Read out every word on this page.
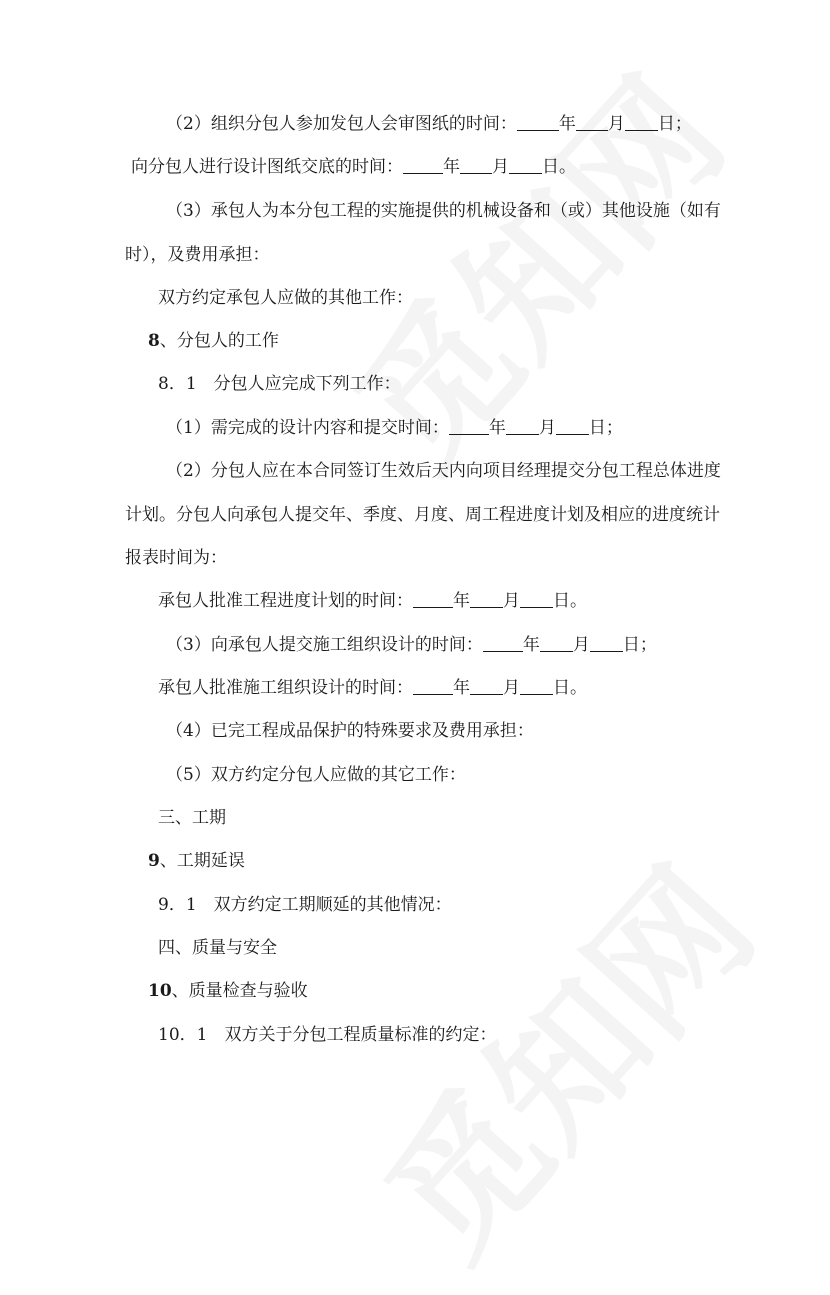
（2）组织分包人参加发包人会审图纸的时间： 年 月 日；
向分包人进行设计图纸交底的时间： 年 月 日。
（3）承包人为本分包工程的实施提供的机械设备和（或）其他设施（如有
时），及费用承担：
双方约定承包人应做的其他工作：
8、分包人的工作
8．1　分包人应完成下列工作：
（1）需完成的设计内容和提交时间： 年 月 日；
（2）分包人应在本合同签订生效后天内向项目经理提交分包工程总体进度
计划。分包人向承包人提交年、季度、月度、周工程进度计划及相应的进度统计
报表时间为：
承包人批准工程进度计划的时间： 年 月 日。
（3）向承包人提交施工组织设计的时间： 年 月 日；
承包人批准施工组织设计的时间： 年 月 日。
（4）已完工程成品保护的特殊要求及费用承担：
（5）双方约定分包人应做的其它工作：
三、工期
9、工期延误
9．1　双方约定工期顺延的其他情况：
四、质量与安全
10、质量检查与验收
10．1　双方关于分包工程质量标准的约定：
